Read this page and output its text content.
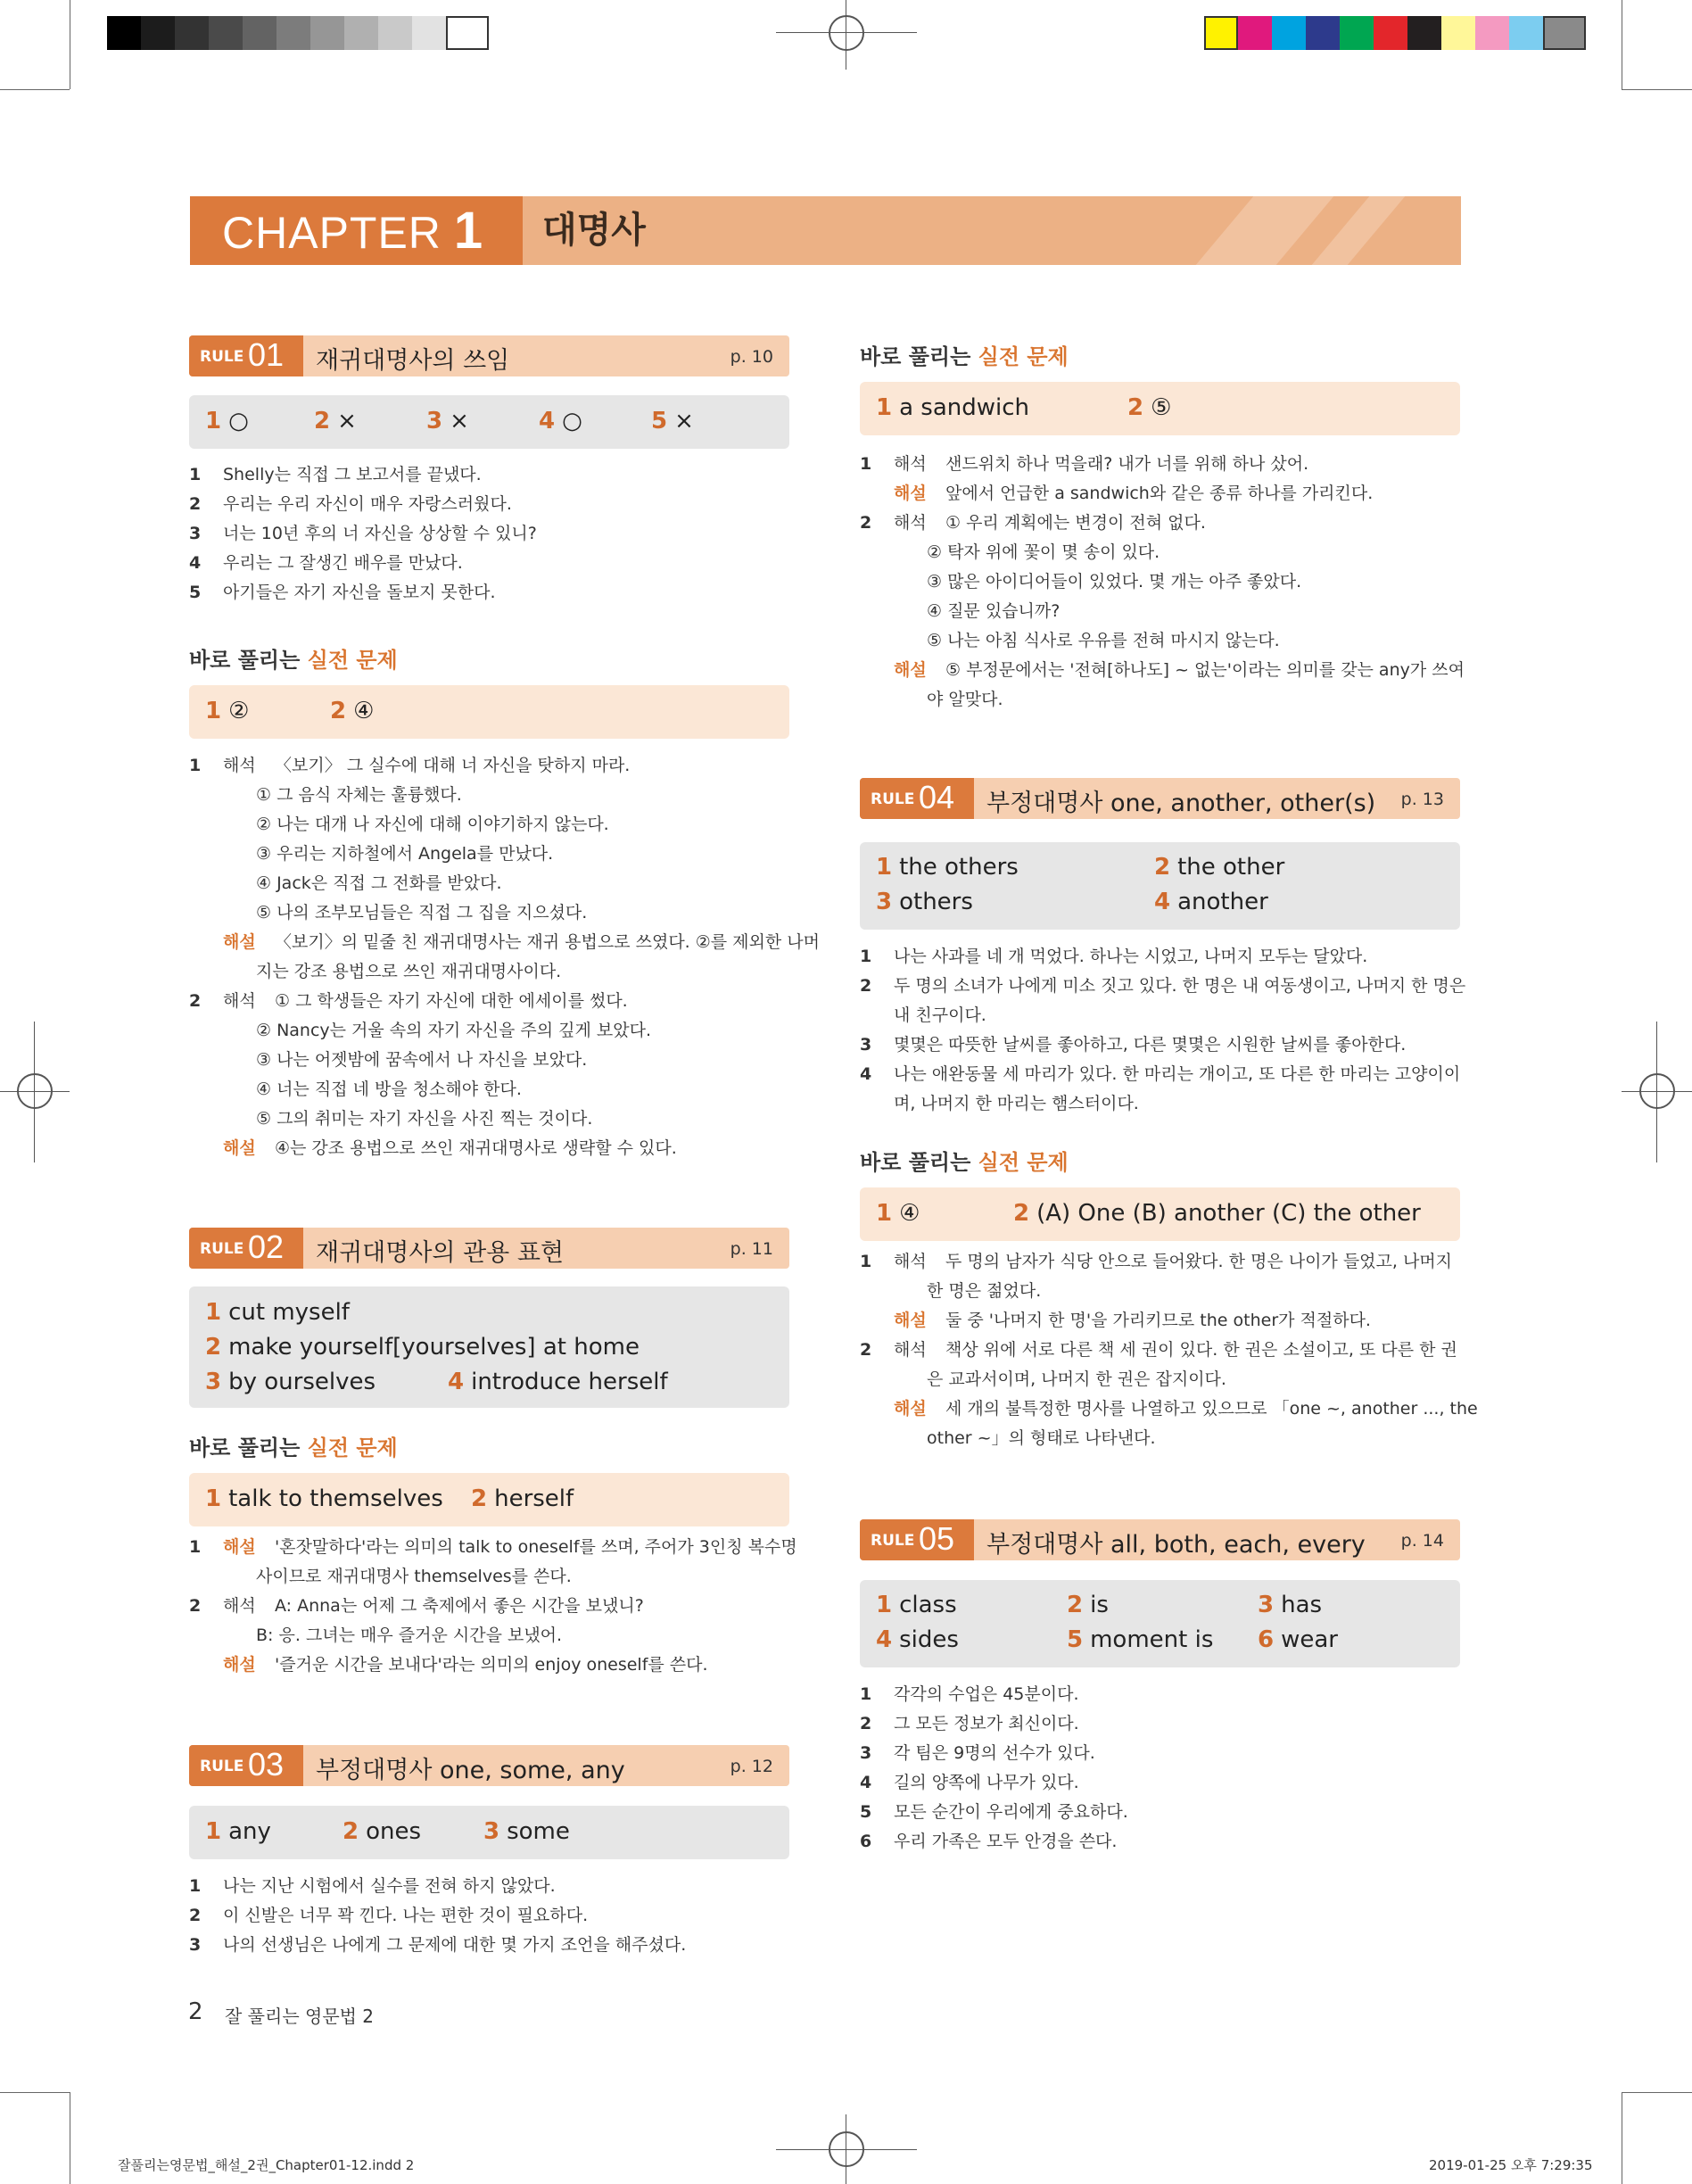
CHAPTER 1	대명사
RULE 01 재귀대명사의 쓰임	p. 10
1 ○	2 ×	3 ×	4 ○	5 ×
1 Shelly는 직접 그 보고서를 끝냈다.
2 우리는 우리 자신이 매우 자랑스러웠다.
3 너는 10년 후의 너 자신을 상상할 수 있니?
4 우리는 그 잘생긴 배우를 만났다.
5 아기들은 자기 자신을 돌보지 못한다.
바로 풀리는 실전 문제
1 ②	2 ④
1 해석 〈보기〉 그 실수에 대해 너 자신을 탓하지 마라.
① 그 음식 자체는 훌륭했다.
② 나는 대개 나 자신에 대해 이야기하지 않는다.
③ 우리는 지하철에서 Angela를 만났다.
④ Jack은 직접 그 전화를 받았다.
⑤ 나의 조부모님들은 직접 그 집을 지으셨다.
해설 〈보기〉의 밑줄 친 재귀대명사는 재귀 용법으로 쓰였다. ②를 제외한 나머
지는 강조 용법으로 쓰인 재귀대명사이다.
2 해석 ① 그 학생들은 자기 자신에 대한 에세이를 썼다.
② Nancy는 거울 속의 자기 자신을 주의 깊게 보았다.
③ 나는 어젯밤에 꿈속에서 나 자신을 보았다.
④ 너는 직접 네 방을 청소해야 한다.
⑤ 그의 취미는 자기 자신을 사진 찍는 것이다.
해설 ④는 강조 용법으로 쓰인 재귀대명사로 생략할 수 있다.
RULE 02 재귀대명사의 관용 표현	p. 11
1 cut myself
2 make yourself[yourselves] at home
3 by ourselves	4 introduce herself
바로 풀리는 실전 문제
1 talk to themselves 2 herself
1 해설 '혼잣말하다'라는 의미의 talk to oneself를 쓰며, 주어가 3인칭 복수명
사이므로 재귀대명사 themselves를 쓴다.
2 해석 A: Anna는 어제 그 축제에서 좋은 시간을 보냈니?
B: 응. 그녀는 매우 즐거운 시간을 보냈어.
해설 '즐거운 시간을 보내다'라는 의미의 enjoy oneself를 쓴다.
RULE 03 부정대명사 one, some, any	p. 12
1 any	2 ones	3 some
1 나는 지난 시험에서 실수를 전혀 하지 않았다.
2 이 신발은 너무 꽉 낀다. 나는 편한 것이 필요하다.
3 나의 선생님은 나에게 그 문제에 대한 몇 가지 조언을 해주셨다.
바로 풀리는 실전 문제
1 a sandwich	2 ⑤
1 해석 샌드위치 하나 먹을래? 내가 너를 위해 하나 샀어.
해설 앞에서 언급한 a sandwich와 같은 종류 하나를 가리킨다.
2 해석 ① 우리 계획에는 변경이 전혀 없다.
② 탁자 위에 꽃이 몇 송이 있다.
③ 많은 아이디어들이 있었다. 몇 개는 아주 좋았다.
④ 질문 있습니까?
⑤ 나는 아침 식사로 우유를 전혀 마시지 않는다.
해설 ⑤ 부정문에서는 '전혀[하나도] ~ 없는'이라는 의미를 갖는 any가 쓰여
야 알맞다.
RULE 04 부정대명사 one, another, other(s) p. 13
1 the others	2 the other
3 others	4 another
1 나는 사과를 네 개 먹었다. 하나는 시었고, 나머지 모두는 달았다.
2 두 명의 소녀가 나에게 미소 짓고 있다. 한 명은 내 여동생이고, 나머지 한 명은
내 친구이다.
3 몇몇은 따뜻한 날씨를 좋아하고, 다른 몇몇은 시원한 날씨를 좋아한다.
4 나는 애완동물 세 마리가 있다. 한 마리는 개이고, 또 다른 한 마리는 고양이이
며, 나머지 한 마리는 햄스터이다.
바로 풀리는 실전 문제
1 ④	2 (A) One (B) another (C) the other
1 해석 두 명의 남자가 식당 안으로 들어왔다. 한 명은 나이가 들었고, 나머지
한 명은 젊었다.
해설 둘 중 '나머지 한 명'을 가리키므로 the other가 적절하다.
2 해석 책상 위에 서로 다른 책 세 권이 있다. 한 권은 소설이고, 또 다른 한 권
은 교과서이며, 나머지 한 권은 잡지이다.
해설 세 개의 불특정한 명사를 나열하고 있으므로 「one ~, another ..., the
other ~」의 형태로 나타낸다.
RULE 05 부정대명사 all, both, each, every p. 14
1 class	2 is	3 has
4 sides	5 moment is 6 wear
1 각각의 수업은 45분이다.
2 그 모든 정보가 최신이다.
3 각 팀은 9명의 선수가 있다.
4 길의 양쪽에 나무가 있다.
5 모든 순간이 우리에게 중요하다.
6 우리 가족은 모두 안경을 쓴다.
2 잘 풀리는 영문법 2
잘풀리는영문법_해설_2권_Chapter01-12.indd 2	2019-01-25 오후 7:29:35
